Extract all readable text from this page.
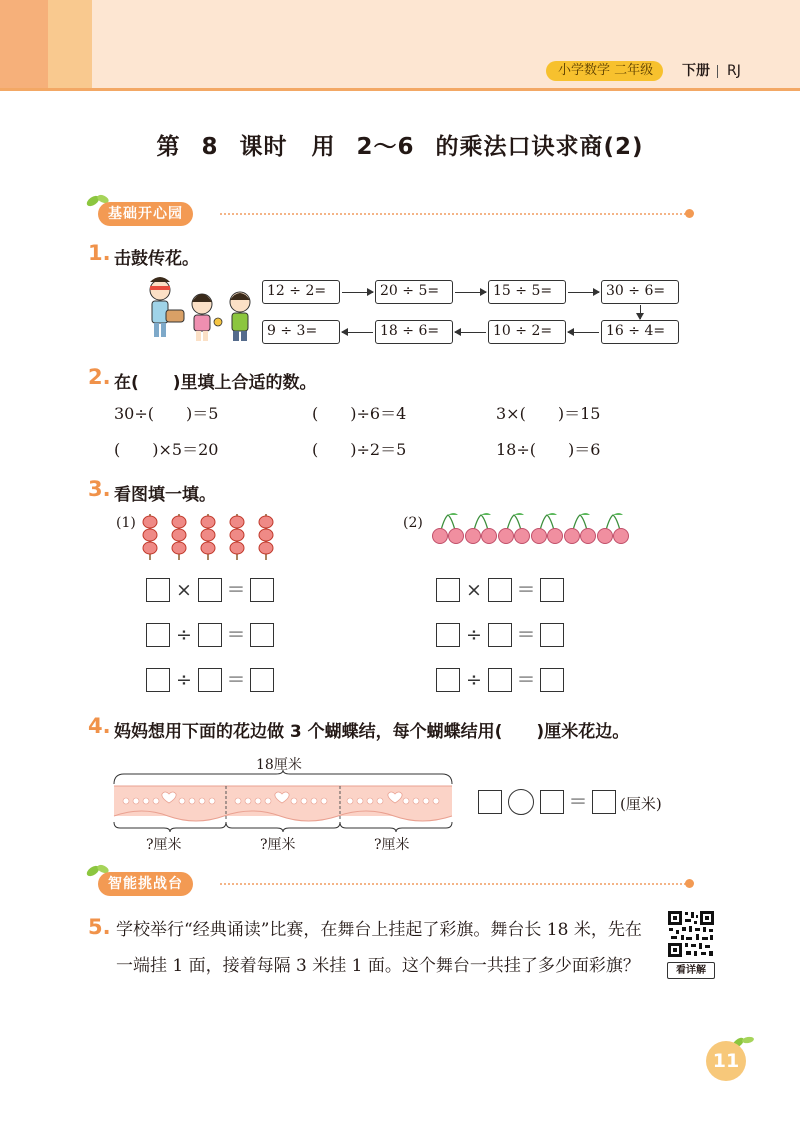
小学数学 二年级	下册 RJ
第 8 课时　用 2～6 的乘法口诀求商(2)
基础开心园
1. 击鼓传花。
12 ÷ 2=	20 ÷ 5=	15 ÷ 5=	30 ÷ 6=
9 ÷ 3=	18 ÷ 6=	10 ÷ 2=	16 ÷ 4=
2. 在(　　)里填上合适的数。
30÷(　　)＝5	(　　)÷6＝4	3×(　　)＝15
(　　)×5＝20	(　　)÷2＝5	18÷(　　)＝6
3. 看图填一填。
(1)	(2)
× ＝
÷ ＝
÷ ＝
× ＝
÷ ＝
÷ ＝
4. 妈妈想用下面的花边做 3 个蝴蝶结，每个蝴蝶结用(　　)厘米花边。
18厘米
?厘米	?厘米	?厘米
＝ (厘米)
智能挑战台
5. 学校举行“经典诵读”比赛，在舞台上挂起了彩旗。舞台长 18 米，先在一端挂 1 面，接着每隔 3 米挂 1 面。这个舞台一共挂了多少面彩旗？	看详解
11
